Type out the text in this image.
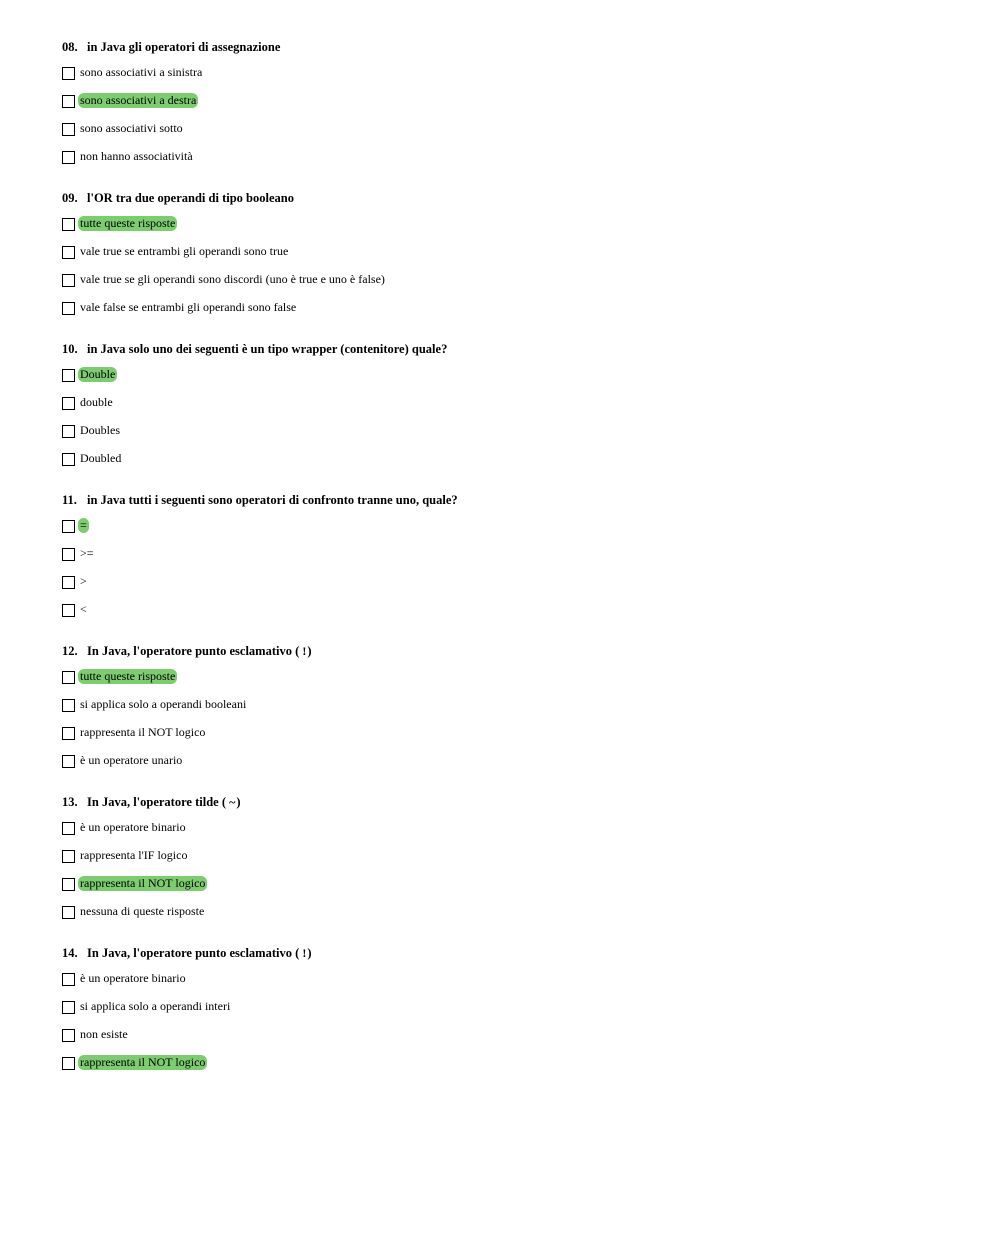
08. in Java gli operatori di assegnazione
sono associativi a sinistra
sono associativi a destra
sono associativi sotto
non hanno associatività
09. l'OR tra due operandi di tipo booleano
tutte queste risposte
vale true se entrambi gli operandi sono true
vale true se gli operandi sono discordi (uno è true e uno è false)
vale false se entrambi gli operandi sono false
10. in Java solo uno dei seguenti è un tipo wrapper (contenitore) quale?
Double
double
Doubles
Doubled
11. in Java tutti i seguenti sono operatori di confronto tranne uno, quale?
=
>=
>
<
12. In Java, l'operatore punto esclamativo ( !)
tutte queste risposte
si applica solo a operandi booleani
rappresenta il NOT logico
è un operatore unario
13. In Java, l'operatore tilde ( ~)
è un operatore binario
rappresenta l'IF logico
rappresenta il NOT logico
nessuna di queste risposte
14. In Java, l'operatore punto esclamativo ( !)
è un operatore binario
si applica solo a operandi interi
non esiste
rappresenta il NOT logico
